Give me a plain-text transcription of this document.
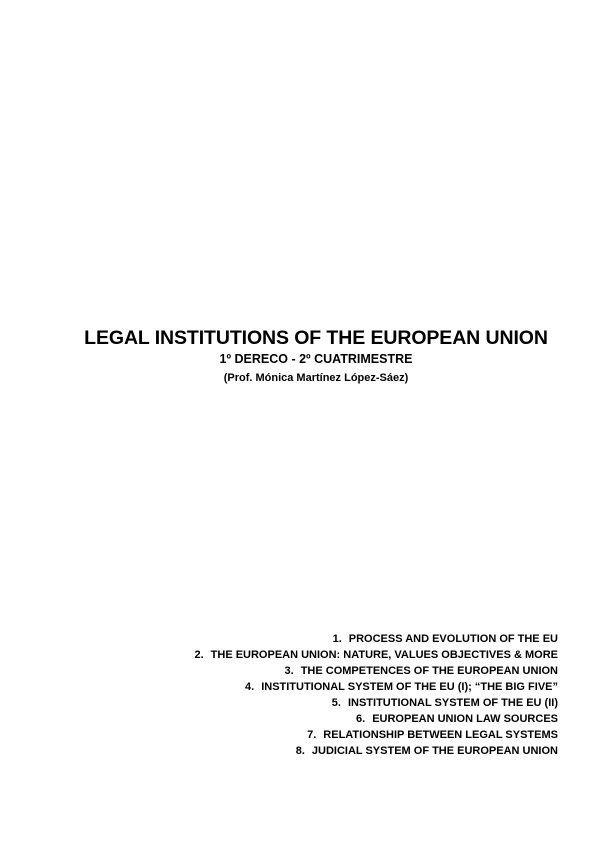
LEGAL INSTITUTIONS OF THE EUROPEAN UNION
1º DERECO - 2º CUATRIMESTRE
(Prof. Mónica Martínez López-Sáez)
1. PROCESS AND EVOLUTION OF THE EU
2. THE EUROPEAN UNION: NATURE, VALUES OBJECTIVES & MORE
3. THE COMPETENCES OF THE EUROPEAN UNION
4. INSTITUTIONAL SYSTEM OF THE EU (I); “THE BIG FIVE”
5. INSTITUTIONAL SYSTEM OF THE EU (II)
6. EUROPEAN UNION LAW SOURCES
7. RELATIONSHIP BETWEEN LEGAL SYSTEMS
8. JUDICIAL SYSTEM OF THE EUROPEAN UNION
